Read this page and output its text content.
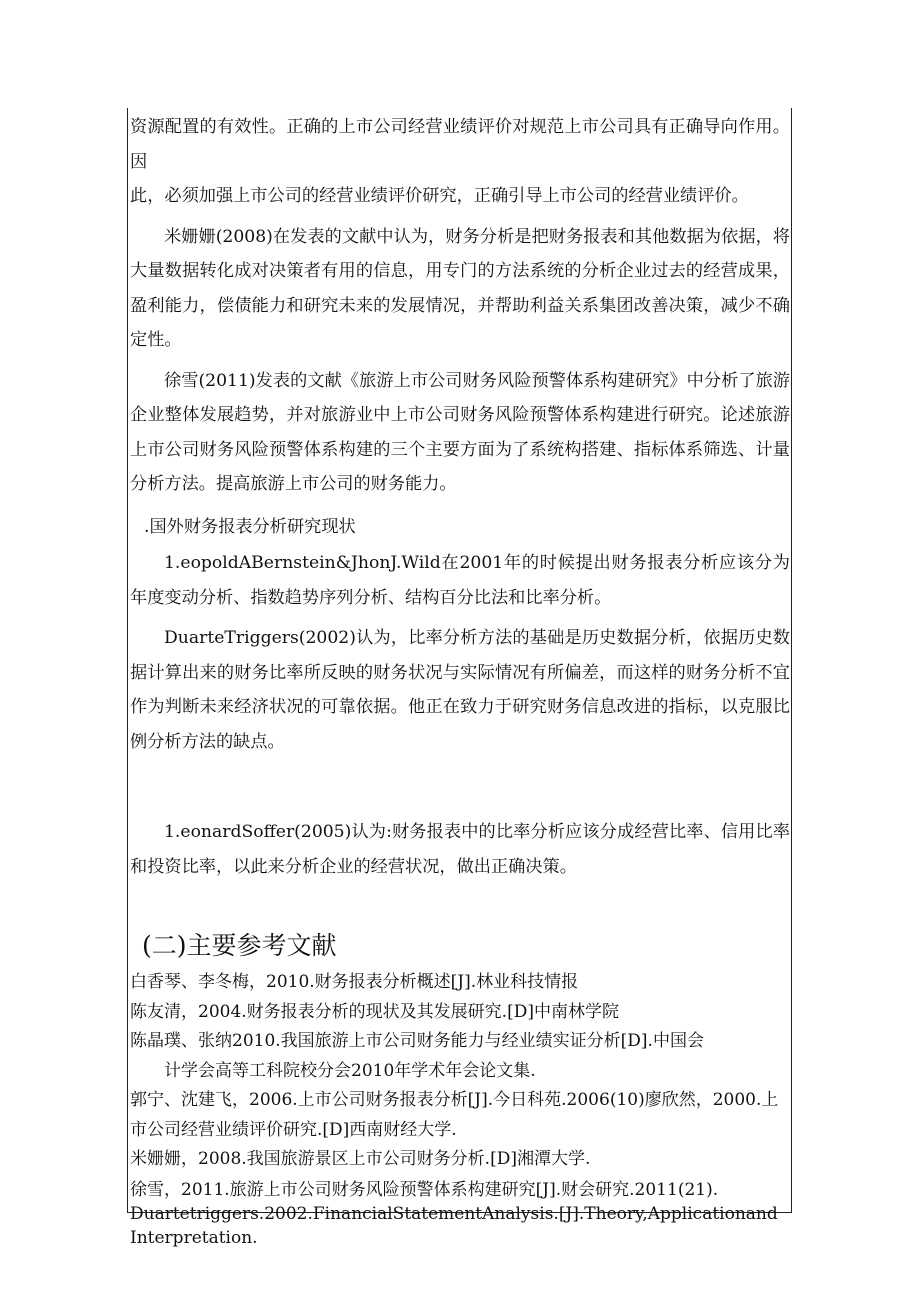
资源配置的有效性。正确的上市公司经营业绩评价对规范上市公司具有正确导向作用。因

此，必须加强上市公司的经营业绩评价研究，正确引导上市公司的经营业绩评价。

米姗姗(2008)在发表的文献中认为，财务分析是把财务报表和其他数据为依据，将大量数据转化成对决策者有用的信息，用专门的方法系统的分析企业过去的经营成果，盈利能力，偿债能力和研究未来的发展情况，并帮助利益关系集团改善决策，减少不确定性。

徐雪(2011)发表的文献《旅游上市公司财务风险预警体系构建研究》中分析了旅游企业整体发展趋势，并对旅游业中上市公司财务风险预警体系构建进行研究。论述旅游上市公司财务风险预警体系构建的三个主要方面为了系统构搭建、指标体系筛选、计量分析方法。提高旅游上市公司的财务能力。

.国外财务报表分析研究现状

1.eopoldABernstein&JhonJ.Wild在2001年的时候提出财务报表分析应该分为年度变动分析、指数趋势序列分析、结构百分比法和比率分析。

DuarteTriggers(2002)认为，比率分析方法的基础是历史数据分析，依据历史数据计算出来的财务比率所反映的财务状况与实际情况有所偏差，而这样的财务分析不宜作为判断未来经济状况的可靠依据。他正在致力于研究财务信息改进的指标，以克服比例分析方法的缺点。

1.eonardSoffer(2005)认为:财务报表中的比率分析应该分成经营比率、信用比率和投资比率，以此来分析企业的经营状况，做出正确决策。

(二)主要参考文献

白香琴、李冬梅，2010.财务报表分析概述[J].林业科技情报

陈友清，2004.财务报表分析的现状及其发展研究.[D]中南林学院

陈晶璞、张纳2010.我国旅游上市公司财务能力与经业绩实证分析[D].中国会

计学会高等工科院校分会2010年学术年会论文集.

郭宁、沈建飞，2006.上市公司财务报表分析[J].今日科苑.2006(10)廖欣然，2000.上市公司经营业绩评价研究.[D]西南财经大学.

米姗姗，2008.我国旅游景区上市公司财务分析.[D]湘潭大学.

徐雪，2011.旅游上市公司财务风险预警体系构建研究[J].财会研究.2011(21).

Duartetriggers.2002.FinancialStatementAnalysis.[J].Theory,Applicationand

Interpretation.
